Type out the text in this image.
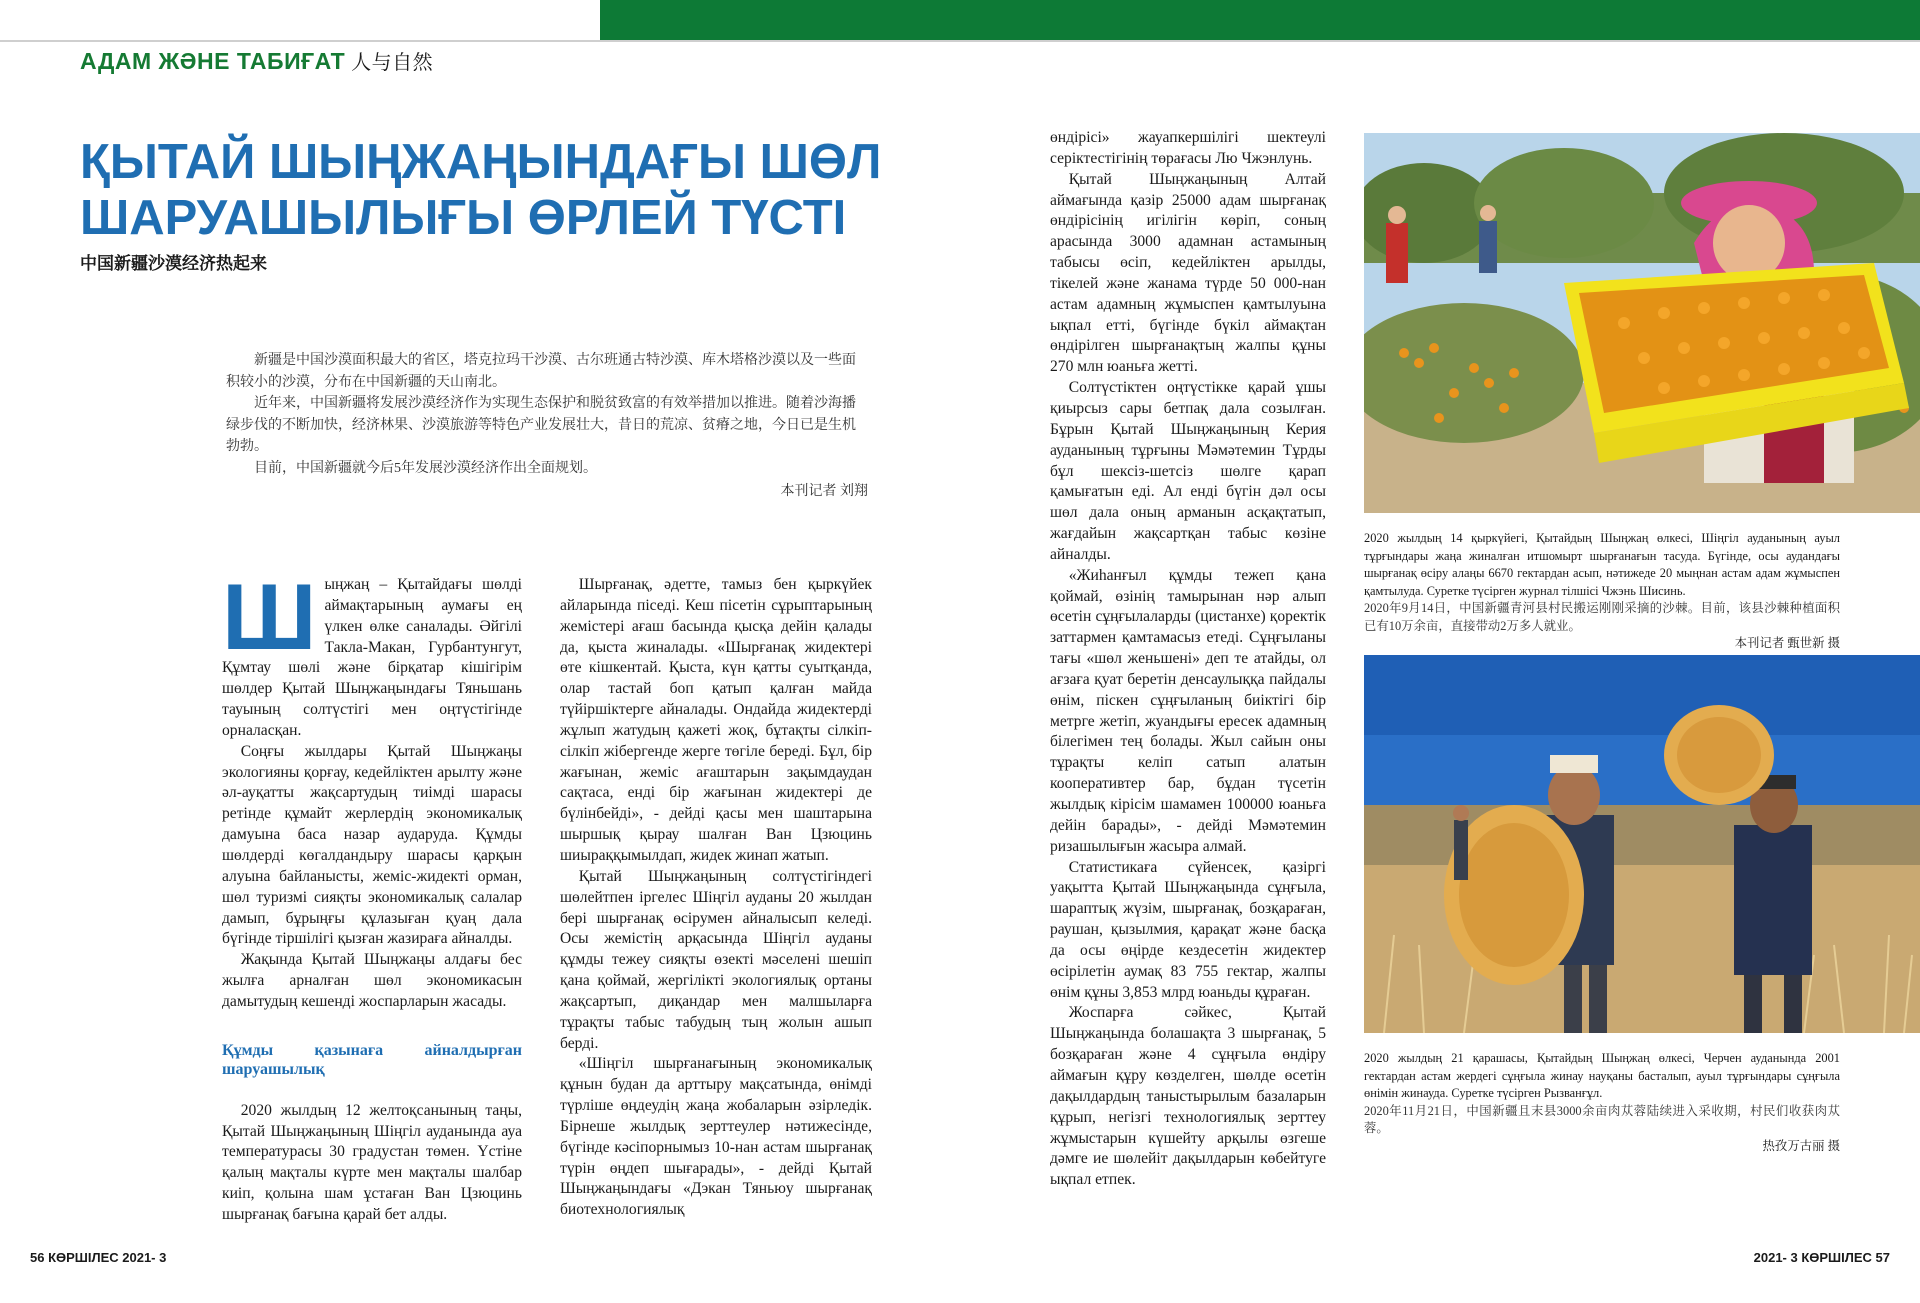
АДАМ ЖӘНЕ ТАБИҒАТ 人与自然
ҚЫТАЙ ШЫҢЖАҢЫНДАҒЫ ШӨЛ ШАРУАШЫЛЫҒЫ ӨРЛЕЙ ТҮСТІ
中国新疆沙漠经济热起来

新疆是中国沙漠面积最大的省区，塔克拉玛干沙漠、古尔班通古特沙漠、库木塔格沙漠以及一些面积较小的沙漠，分布在中国新疆的天山南北。

近年来，中国新疆将发展沙漠经济作为实现生态保护和脱贫致富的有效举措加以推进。随着沙海播绿步伐的不断加快，经济林果、沙漠旅游等特色产业发展壮大，昔日的荒凉、贫瘠之地，今日已是生机勃勃。

目前，中国新疆就今后5年发展沙漠经济作出全面规划。

本刊记者 刘翔

Ш ыңжаң – Қытайдағы шөлді аймақтарының аумағы ең үлкен өлке саналады. Әйгілі Такла-Макан, Гурбантунгут, Құмтау шөлі және бірқатар кішігірім шөлдер Қытай Шыңжаңындағы Тяньшань тауының солтүстігі мен оңтүстігінде орналасқан.

Соңғы жылдары Қытай Шыңжаңы экологияны қорғау, кедейліктен арылту және әл-ауқатты жақсартудың тиімді шарасы ретінде құмайт жерлердің экономикалық дамуына баса назар аударуда. Құмды шөлдерді көгалдандыру шарасы қарқын алуына байланысты, жеміс-жидекті орман, шөл туризмі сияқты экономикалық салалар дамып, бұрыңғы құлазыған қуаң дала бүгінде тіршілігі қызған жазираға айналды.

Жақында Қытай Шыңжаңы алдағы бес жылға арналған шөл экономикасын дамытудың кешенді жоспарларын жасады.

Құмды қазынаға айналдырған шаруашылық

2020 жылдың 12 желтоқсанының таңы, Қытай Шыңжаңының Шіңгіл ауданында ауа температурасы 30 градустан төмен. Үстіне қалың мақталы күртe мен мақталы шалбар киіп, қолына шам ұстаған Ван Цзюцинь шырғанақ бағына қарай бет алды.

Шырғанақ, әдетте, тамыз бен қыркүйек айларында піседі. Кеш пісетін сұрыптарының жемістері ағаш басында қысқа дейін қалады да, қыста жиналады. «Шырғанақ жидектері өте кішкентай. Қыста, күн қатты суытқанда, олар тастай боп қатып қалған майда түйіршіктерге айналады. Ондайда жидектерді жұлып жатудың қажеті жоқ, бұтақты сілкіп-сілкіп жібергенде жерге төгіле береді. Бұл, бір жағынан, жеміс ағаштарын зақымдаудан сақтаса, енді бір жағынан жидектері де бүлінбейді», - дейді қасы мен шаштарына шыршық қырау шалған Ван Цзюцинь шиыраққымылдап, жидек жинап жатып.

Қытай Шыңжаңының солтүстігіндегі шөлейтпен іргелес Шіңгіл ауданы 20 жылдан бері шырғанақ өсірумен айналысып келеді. Осы жемістің арқасында Шіңгіл ауданы құмды тежеу сияқты өзекті мәселені шешіп қана қоймай, жергілікті экологиялық ортаны жақсартып, диқандар мен малшыларға тұрақты табыс табудың тың жолын ашып берді.

«Шіңгіл шырғанағының экономикалық құнын будан да арттыру мақсатында, өнімді түрліше өңдеудің жаңа жобаларын әзірледік. Бірнеше жылдық зерттеулер нәтижесінде, бүгінде кәсіпорнымыз 10-нан астам шырғанақ түрін өңдеп шығарады», - дейді Қытай Шыңжаңындағы «Дэкан Тяньюу шырғанақ биотехнологиялық

өндірісі» жауапкершілігі шектеулі серіктестігінің төрағасы Лю Чжэнлунь.

Қытай Шыңжаңының Алтай аймағында қазір 25000 адам шырғанақ өндірісінің игілігін көріп, соның арасында 3000 адамнан астамының табысы өсіп, кедейліктен арылды, тікелей және жанама түрде 50 000-нан астам адамның жұмыспен қамтылуына ықпал етті, бүгінде бүкіл аймақтан өндірілген шырғанақтың жалпы құны 270 млн юаньға жетті.

Солтүстіктен оңтүстікке қарай ұшы қиырсыз сары бетпақ дала созылған. Бұрын Қытай Шыңжаңының Керия ауданының тұрғыны Мәмәтемин Тұрды бұл шексіз-шетсіз шөлге қарап қамығатын еді. Ал енді бүгін дәл осы шөл дала оның арманын асқақтатып, жағдайын жақсартқан табыс көзіне айналды.

«Жиһанғыл құмды тежеп қана қоймай, өзінің тамырынан нәр алып өсетін сұңғылаларды (цистанхе) қоректік заттармен қамтамасыз етеді. Сұңғыланы тағы «шөл женьшені» деп те атайды, ол ағзаға қуат беретін денсаулыққа пайдалы өнім, піскен сұңғыланың биіктігі бір метрге жетіп, жуандығы ересек адамның білегімен тең болады. Жыл сайын оны тұрақты келіп сатып алатын кооперативтер бар, бұдан түсетін жылдық кірісім шамамен 100000 юаньға дейін барады», - дейді Мәмәтемин ризашылығын жасыра алмай.

Статистикаға сүйенсек, қазіргі уақытта Қытай Шыңжаңында сұңғыла, шараптық жүзім, шырғанақ, бозқараған, раушан, қызылмия, қарақат және басқа да осы өңірде кездесетін жидектер өсірілетін аумақ 83 755 гектар, жалпы өнім құны 3,853 млрд юаньды құраған.

Жоспарға сәйкес, Қытай Шыңжаңында болашақта 3 шырғанақ, 5 бозқараған және 4 сұңғыла өндіру аймағын құру көзделген, шөлде өсетін дақылдардың таныстырылым базаларын құрып, негізгі технологиялық зерттеу жұмыстарын күшейту арқылы өзгеше дәмге ие шөлейіт дақылдарын көбейтуге ықпал етпек.

2020 жылдың 14 қыркүйегі, Қытайдың Шыңжаң өлкесі, Шіңгіл ауданының ауыл тұрғындары жаңа жиналған итшомырт шырғанағын тасуда. Бүгінде, осы аудандағы шырғанақ өсіру алаңы 6670 гектардан асып, нәтижеде 20 мыңнан астам адам жұмыспен қамтылуда. Суретке түсірген журнал тілшісі Чжэнь Шисинь.
2020年9月14日，中国新疆青河县村民搬运刚刚采摘的沙棘。目前，该县沙棘种植面积已有10万余亩，直接带动2万多人就业。
本刊记者 甄世新 摄
2020 жылдың 21 қарашасы, Қытайдың Шыңжаң өлкесі, Черчен ауданында 2001 гектардан астам жердегі сұңғыла жинау науқаны басталып, ауыл тұрғындары сұңғыла өнімін жинауда. Суретке түсірген Рызванғұл.
2020年11月21日，中国新疆且末县3000余亩肉苁蓉陆续进入采收期，村民们收获肉苁蓉。
热孜万古丽 摄
56 КӨРШІЛЕС 2021- 3	2021- 3 КӨРШІЛЕС 57
